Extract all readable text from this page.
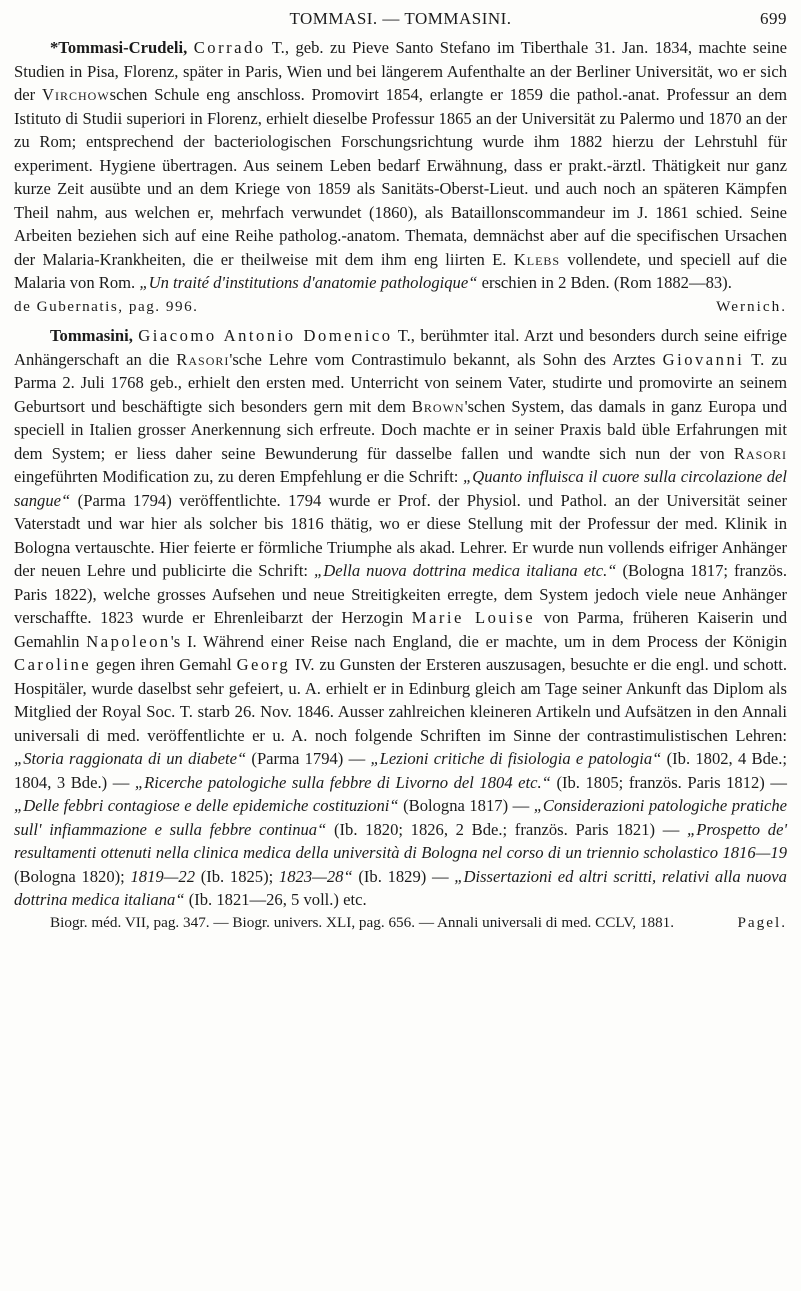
TOMMASI. — TOMMASINI.	699

*Tommasi-Crudeli, Corrado T., geb. zu Pieve Santo Stefano im Tiberthale 31. Jan. 1834, machte seine Studien in Pisa, Florenz, später in Paris, Wien und bei längerem Aufenthalte an der Berliner Universität, wo er sich der Virchowschen Schule eng anschloss. Promovirt 1854, erlangte er 1859 die pathol.-anat. Professur an dem Istituto di Studii superiori in Florenz, erhielt dieselbe Professur 1865 an der Universität zu Palermo und 1870 an der zu Rom; entsprechend der bacteriologischen Forschungsrichtung wurde ihm 1882 hierzu der Lehrstuhl für experiment. Hygiene übertragen. Aus seinem Leben bedarf Erwähnung, dass er prakt.-ärztl. Thätigkeit nur ganz kurze Zeit ausübte und an dem Kriege von 1859 als Sanitäts-Oberst-Lieut. und auch noch an späteren Kämpfen Theil nahm, aus welchen er, mehrfach verwundet (1860), als Bataillonscommandeur im J. 1861 schied. Seine Arbeiten beziehen sich auf eine Reihe patholog.-anatom. Themata, demnächst aber auf die specifischen Ursachen der Malaria-Krankheiten, die er theilweise mit dem ihm eng liirten E. Klebs vollendete, und speciell auf die Malaria von Rom. „Un traité d'institutions d'anatomie pathologique“ erschien in 2 Bden. (Rom 1882—83).

de Gubernatis, pag. 996.	Wernich.

Tommasini, Giacomo Antonio Domenico T., berühmter ital. Arzt und besonders durch seine eifrige Anhängerschaft an die Rasori'sche Lehre vom Contrastimulo bekannt, als Sohn des Arztes Giovanni T. zu Parma 2. Juli 1768 geb., erhielt den ersten med. Unterricht von seinem Vater, studirte und promovirte an seinem Geburtsort und beschäftigte sich besonders gern mit dem Brown'schen System, das damals in ganz Europa und speciell in Italien grosser Anerkennung sich erfreute. Doch machte er in seiner Praxis bald üble Erfahrungen mit dem System; er liess daher seine Bewunderung für dasselbe fallen und wandte sich nun der von Rasori eingeführten Modification zu, zu deren Empfehlung er die Schrift: „Quanto influisca il cuore sulla circolazione del sangue“ (Parma 1794) veröffentlichte. 1794 wurde er Prof. der Physiol. und Pathol. an der Universität seiner Vaterstadt und war hier als solcher bis 1816 thätig, wo er diese Stellung mit der Professur der med. Klinik in Bologna vertauschte. Hier feierte er förmliche Triumphe als akad. Lehrer. Er wurde nun vollends eifriger Anhänger der neuen Lehre und publicirte die Schrift: „Della nuova dottrina medica italiana etc.“ (Bologna 1817; französ. Paris 1822), welche grosses Aufsehen und neue Streitigkeiten erregte, dem System jedoch viele neue Anhänger verschaffte. 1823 wurde er Ehrenleibarzt der Herzogin Marie Louise von Parma, früheren Kaiserin und Gemahlin Napoleon's I. Während einer Reise nach England, die er machte, um in dem Process der Königin Caroline gegen ihren Gemahl Georg IV. zu Gunsten der Ersteren auszusagen, besuchte er die engl. und schott. Hospitäler, wurde daselbst sehr gefeiert, u. A. erhielt er in Edinburg gleich am Tage seiner Ankunft das Diplom als Mitglied der Royal Soc. T. starb 26. Nov. 1846. Ausser zahlreichen kleineren Artikeln und Aufsätzen in den Annali universali di med. veröffentlichte er u. A. noch folgende Schriften im Sinne der contrastimulistischen Lehren: „Storia raggionata di un diabete“ (Parma 1794) — „Lezioni critiche di fisiologia e patologia“ (Ib. 1802, 4 Bde.; 1804, 3 Bde.) — „Ricerche patologiche sulla febbre di Livorno del 1804 etc.“ (Ib. 1805; französ. Paris 1812) — „Delle febbri contagiose e delle epidemiche costituzioni“ (Bologna 1817) — „Considerazioni patologiche pratiche sull' infiammazione e sulla febbre continua“ (Ib. 1820; 1826, 2 Bde.; französ. Paris 1821) — „Prospetto de' resultamenti ottenuti nella clinica medica della università di Bologna nel corso di un triennio scholastico 1816—19 (Bologna 1820); 1819—22 (Ib. 1825); 1823—28“ (Ib. 1829) — „Dissertazioni ed altri scritti, relativi alla nuova dottrina medica italiana“ (Ib. 1821—26, 5 voll.) etc.

Biogr. méd. VII, pag. 347. — Biogr. univers. XLI, pag. 656. — Annali universali di med. CCLV, 1881.	Pagel.
